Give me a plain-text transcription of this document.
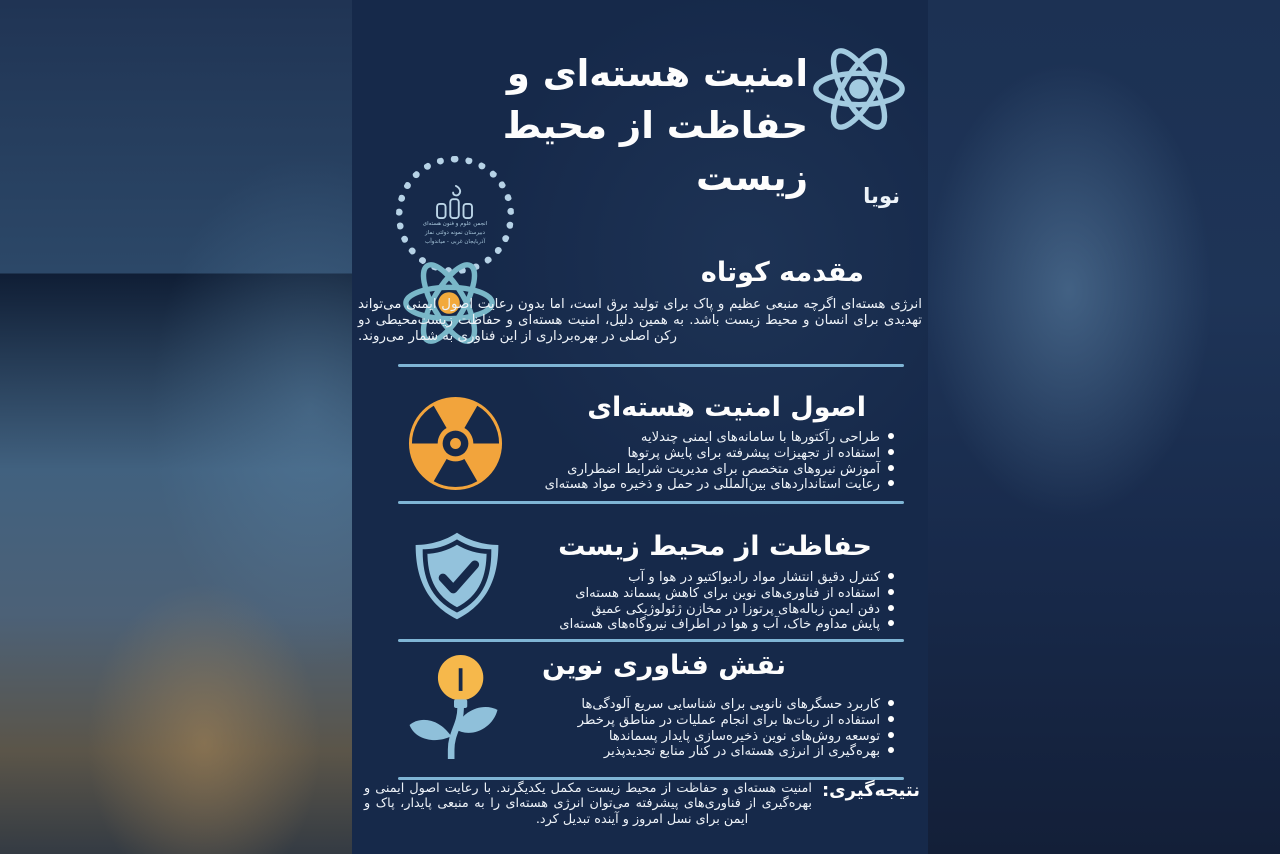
امنیت هسته‌ای و
حفاظت از محیط زیست
انجمن علوم و فنون هسته‌ای
دبیرستان نمونه دولتی نماز
آذربایجان غربی - میاندوآب
نویا
مقدمه کوتاه
انرژی هسته‌ای اگرچه منبعی عظیم و پاک برای تولید برق است، اما بدون رعایت اصول ایمنی می‌تواند تهدیدی برای انسان و محیط زیست باشد. به همین دلیل، امنیت هسته‌ای و حفاظت زیست‌محیطی دو رکن اصلی در بهره‌برداری از این فناوری به شمار می‌روند.
اصول امنیت هسته‌ای
طراحی رآکتورها با سامانه‌های ایمنی چندلایه
استفاده از تجهیزات پیشرفته برای پایش پرتوها
آموزش نیروهای متخصص برای مدیریت شرایط اضطراری
رعایت استانداردهای بین‌المللی در حمل و ذخیره مواد هسته‌ای
حفاظت از محیط زیست
کنترل دقیق انتشار مواد رادیواکتیو در هوا و آب
استفاده از فناوری‌های نوین برای کاهش پسماند هسته‌ای
دفن ایمن زباله‌های پرتوزا در مخازن ژئولوژیکی عمیق
پایش مداوم خاک، آب و هوا در اطراف نیروگاه‌های هسته‌ای
نقش فناوری نوین
کاربرد حسگرهای نانویی برای شناسایی سریع آلودگی‌ها
استفاده از ربات‌ها برای انجام عملیات در مناطق پرخطر
توسعه روش‌های نوین ذخیره‌سازی پایدار پسماندها
بهره‌گیری از انرژی هسته‌ای در کنار منابع تجدیدپذیر
نتیجه‌گیری:
امنیت هسته‌ای و حفاظت از محیط زیست مکمل یکدیگرند. با رعایت اصول ایمنی و بهره‌گیری از فناوری‌های پیشرفته می‌توان انرژی هسته‌ای را به منبعی پایدار، پاک و ایمن برای نسل امروز و آینده تبدیل کرد.
